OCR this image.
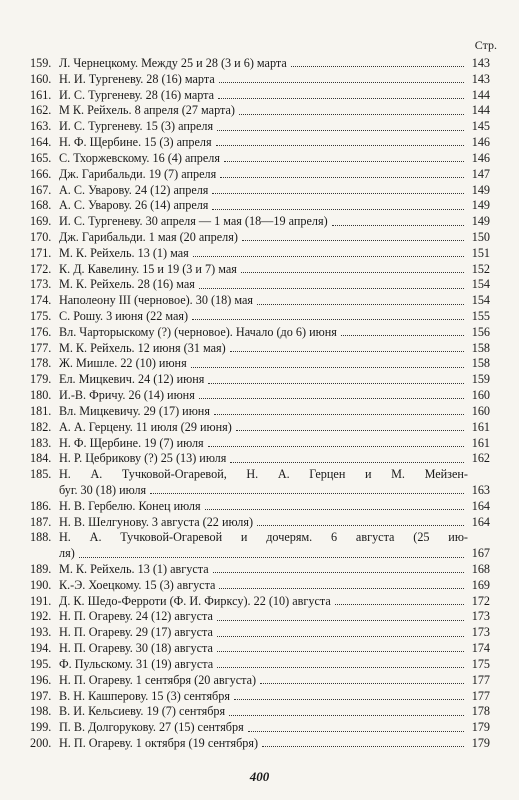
Стр.
159. Л. Чернецкому. Между 25 и 28 (3 и 6) марта	143
160. Н. И. Тургеневу. 28 (16) марта	143
161. И. С. Тургеневу. 28 (16) марта	144
162. М К. Рейхель. 8 апреля (27 марта)	144
163. И. С. Тургеневу. 15 (3) апреля	145
164. Н. Ф. Щербине. 15 (3) апреля	146
165. С. Тхоржевскому. 16 (4) апреля	146
166. Дж. Гарибальди. 19 (7) апреля	147
167. А. С. Уварову. 24 (12) апреля	149
168. А. С. Уварову. 26 (14) апреля	149
169. И. С. Тургеневу. 30 апреля — 1 мая (18—19 апреля)	149
170. Дж. Гарибальди. 1 мая (20 апреля)	150
171. М. К. Рейхель. 13 (1) мая	151
172. К. Д. Кавелину. 15 и 19 (3 и 7) мая	152
173. М. К. Рейхель. 28 (16) мая	154
174. Наполеону III (черновое). 30 (18) мая	154
175. С. Рошу. 3 июня (22 мая)	155
176. Вл. Чарторыскому (?) (черновое). Начало (до 6) июня	156
177. М. К. Рейхель. 12 июня (31 мая)	158
178. Ж. Мишле. 22 (10) июня	158
179. Ел. Мицкевич. 24 (12) июня	159
180. И.-В. Фричу. 26 (14) июня	160
181. Вл. Мицкевичу. 29 (17) июня	160
182. А. А. Герцену. 11 июля (29 июня)	161
183. Н. Ф. Щербине. 19 (7) июля	161
184. Н. Р. Цебрикову (?) 25 (13) июля	162
185. Н. А. Тучковой-Огаревой, Н. А. Герцен и М. Мейзен-
буг. 30 (18) июля	163
186. Н. В. Гербелю. Конец июля	164
187. Н. В. Шелгунову. 3 августа (22 июля)	164
188. Н. А. Тучковой-Огаревой и дочерям. 6 августа (25 ию-
ля)	167
189. М. К. Рейхель. 13 (1) августа	168
190. К.-Э. Хоецкому. 15 (3) августа	169
191. Д. К. Шедо-Ферроти (Ф. И. Фирксу). 22 (10) августа	172
192. Н. П. Огареву. 24 (12) августа	173
193. Н. П. Огареву. 29 (17) августа	173
194. Н. П. Огареву. 30 (18) августа	174
195. Ф. Пульскому. 31 (19) августа	175
196. Н. П. Огареву. 1 сентября (20 августа)	177
197. В. Н. Кашперову. 15 (3) сентября	177
198. В. И. Кельсиеву. 19 (7) сентября	178
199. П. В. Долгорукову. 27 (15) сентября	179
200. Н. П. Огареву. 1 октября (19 сентября)	179
400
